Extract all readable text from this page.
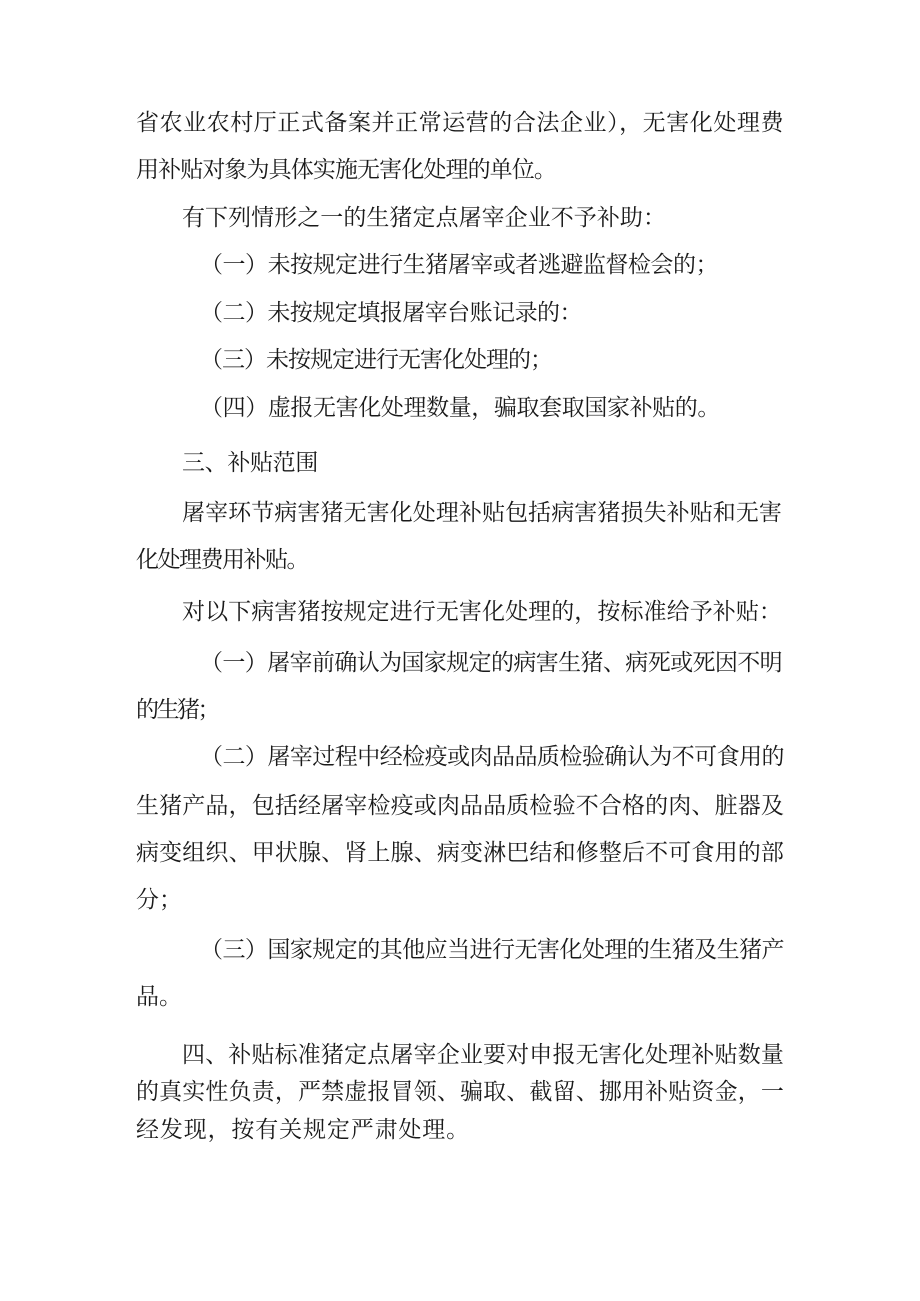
省农业农村厅正式备案并正常运营的合法企业），无害化处理费
用补贴对象为具体实施无害化处理的单位。
有下列情形之一的生猪定点屠宰企业不予补助：
（一）未按规定进行生猪屠宰或者逃避监督检会的；
（二）未按规定填报屠宰台账记录的：
（三）未按规定进行无害化处理的；
（四）虚报无害化处理数量，骗取套取国家补贴的。
三、补贴范围
屠宰环节病害猪无害化处理补贴包括病害猪损失补贴和无害
化处理费用补贴。
对以下病害猪按规定进行无害化处理的，按标准给予补贴：
（一）屠宰前确认为国家规定的病害生猪、病死或死因不明
的生猪；
（二）屠宰过程中经检疫或肉品品质检验确认为不可食用的
生猪产品，包括经屠宰检疫或肉品品质检验不合格的肉、脏器及
病变组织、甲状腺、肾上腺、病变淋巴结和修整后不可食用的部
分；
（三）国家规定的其他应当进行无害化处理的生猪及生猪产
品。
四、补贴标准猪定点屠宰企业要对申报无害化处理补贴数量
的真实性负责，严禁虚报冒领、骗取、截留、挪用补贴资金，一
经发现，按有关规定严肃处理。
